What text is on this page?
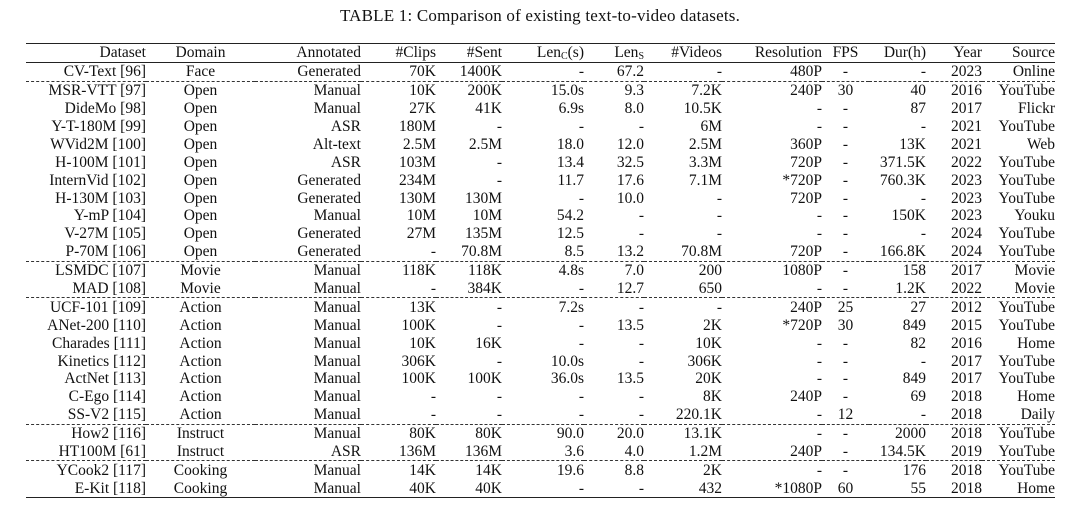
TABLE 1: Comparison of existing text-to-video datasets.
Dataset	Domain	Annotated	#Clips	#Sent	Len$_C$(s)	Len$_S$	#Videos	Resolution	FPS	Dur(h)	Year	Source
CV-Text [96]	Face	Generated	70K	1400K	-	67.2	-	480P	-	-	2023	Online
MSR-VTT [97]	Open	Manual	10K	200K	15.0s	9.3	7.2K	240P	30	40	2016	YouTube
DideMo [98]	Open	Manual	27K	41K	6.9s	8.0	10.5K	-	-	87	2017	Flickr
Y-T-180M [99]	Open	ASR	180M	-	-	-	6M	-	-	-	2021	YouTube
WVid2M [100]	Open	Alt-text	2.5M	2.5M	18.0	12.0	2.5M	360P	-	13K	2021	Web
H-100M [101]	Open	ASR	103M	-	13.4	32.5	3.3M	720P	-	371.5K	2022	YouTube
InternVid [102]	Open	Generated	234M	-	11.7	17.6	7.1M	*720P	-	760.3K	2023	YouTube
H-130M [103]	Open	Generated	130M	130M	-	10.0	-	720P	-	-	2023	YouTube
Y-mP [104]	Open	Manual	10M	10M	54.2	-	-	-	-	150K	2023	Youku
V-27M [105]	Open	Generated	27M	135M	12.5	-	-	-	-	-	2024	YouTube
P-70M [106]	Open	Generated	-	70.8M	8.5	13.2	70.8M	720P	-	166.8K	2024	YouTube
LSMDC [107]	Movie	Manual	118K	118K	4.8s	7.0	200	1080P	-	158	2017	Movie
MAD [108]	Movie	Manual	-	384K	-	12.7	650	-	-	1.2K	2022	Movie
UCF-101 [109]	Action	Manual	13K	-	7.2s	-	-	240P	25	27	2012	YouTube
ANet-200 [110]	Action	Manual	100K	-	-	13.5	2K	*720P	30	849	2015	YouTube
Charades [111]	Action	Manual	10K	16K	-	-	10K	-	-	82	2016	Home
Kinetics [112]	Action	Manual	306K	-	10.0s	-	306K	-	-	-	2017	YouTube
ActNet [113]	Action	Manual	100K	100K	36.0s	13.5	20K	-	-	849	2017	YouTube
C-Ego [114]	Action	Manual	-	-	-	-	8K	240P	-	69	2018	Home
SS-V2 [115]	Action	Manual	-	-	-	-	220.1K	-	12	-	2018	Daily
How2 [116]	Instruct	Manual	80K	80K	90.0	20.0	13.1K	-	-	2000	2018	YouTube
HT100M [61]	Instruct	ASR	136M	136M	3.6	4.0	1.2M	240P	-	134.5K	2019	YouTube
YCook2 [117]	Cooking	Manual	14K	14K	19.6	8.8	2K	-	-	176	2018	YouTube
E-Kit [118]	Cooking	Manual	40K	40K	-	-	432	*1080P	60	55	2018	Home
